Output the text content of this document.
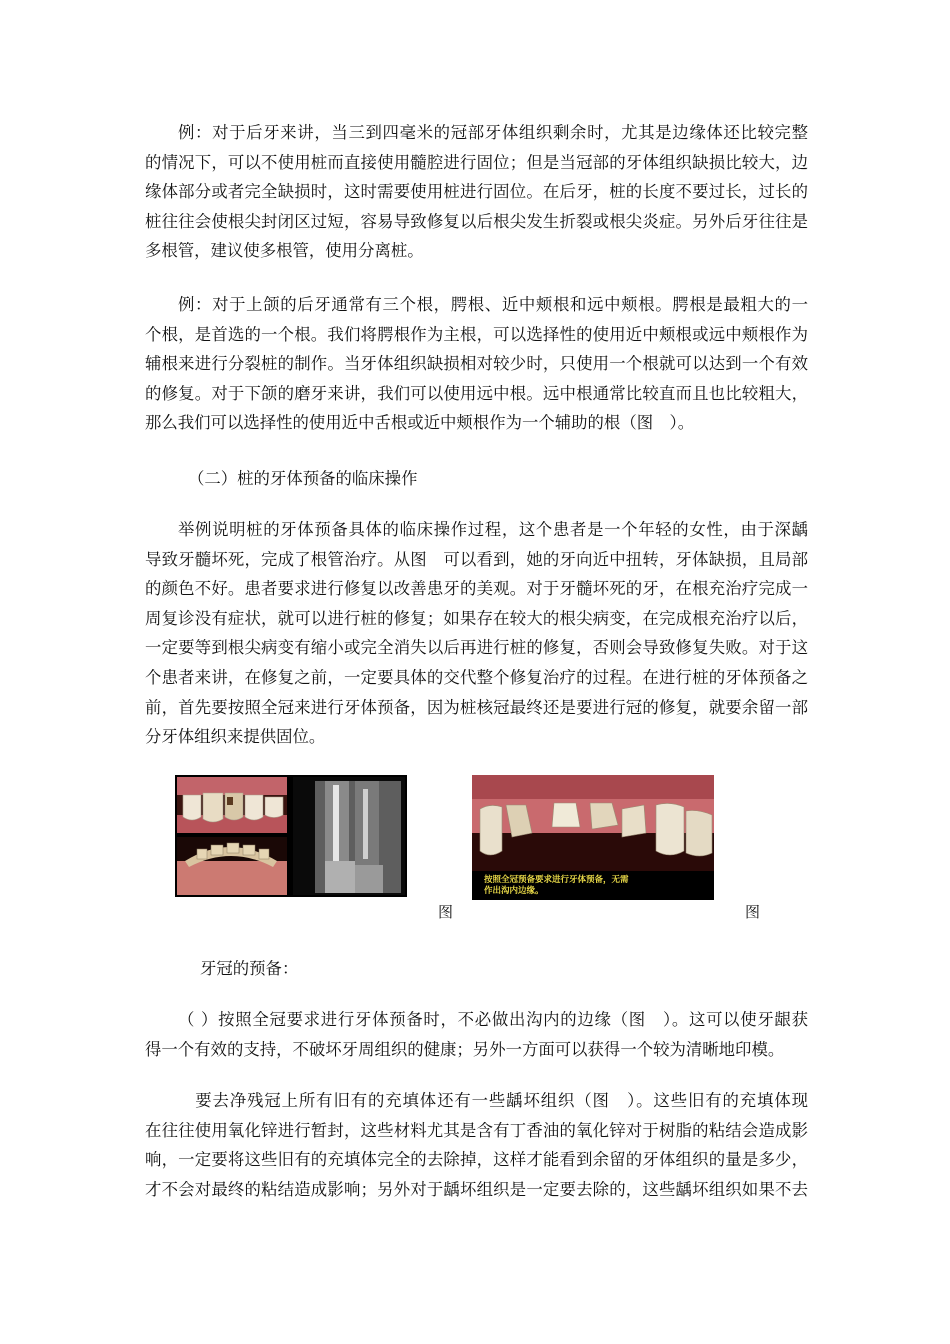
例：对于后牙来讲，当三到四毫米的冠部牙体组织剩余时，尤其是边缘体还比较完整
的情况下，可以不使用桩而直接使用髓腔进行固位；但是当冠部的牙体组织缺损比较大，边
缘体部分或者完全缺损时，这时需要使用桩进行固位。在后牙，桩的长度不要过长，过长的
桩往往会使根尖封闭区过短，容易导致修复以后根尖发生折裂或根尖炎症。另外后牙往往是
多根管，建议使多根管，使用分离桩。
例：对于上颌的后牙通常有三个根，腭根、近中颊根和远中颊根。腭根是最粗大的一
个根，是首选的一个根。我们将腭根作为主根，可以选择性的使用近中颊根或远中颊根作为
辅根来进行分裂桩的制作。当牙体组织缺损相对较少时，只使用一个根就可以达到一个有效
的修复。对于下颌的磨牙来讲，我们可以使用远中根。远中根通常比较直而且也比较粗大，
那么我们可以选择性的使用近中舌根或近中颊根作为一个辅助的根（图　）。

（二）桩的牙体预备的临床操作

举例说明桩的牙体预备具体的临床操作过程，这个患者是一个年轻的女性，由于深龋
导致牙髓坏死，完成了根管治疗。从图　可以看到，她的牙向近中扭转，牙体缺损，且局部
的颜色不好。患者要求进行修复以改善患牙的美观。对于牙髓坏死的牙，在根充治疗完成一
周复诊没有症状，就可以进行桩的修复；如果存在较大的根尖病变，在完成根充治疗以后，
一定要等到根尖病变有缩小或完全消失以后再进行桩的修复，否则会导致修复失败。对于这
个患者来讲，在修复之前，一定要具体的交代整个修复治疗的过程。在进行桩的牙体预备之
前，首先要按照全冠来进行牙体预备，因为桩核冠最终还是要进行冠的修复，就要余留一部
分牙体组织来提供固位。
图
按照全冠预备要求进行牙体预备，无需
作出沟内边缘。
图

牙冠的预备：

（ ）按照全冠要求进行牙体预备时，不必做出沟内的边缘（图　）。这可以使牙龈获
得一个有效的支持，不破坏牙周组织的健康；另外一方面可以获得一个较为清晰地印模。
　要去净残冠上所有旧有的充填体还有一些龋坏组织（图　）。这些旧有的充填体现
在往往使用氧化锌进行暂封，这些材料尤其是含有丁香油的氧化锌对于树脂的粘结会造成影
响，一定要将这些旧有的充填体完全的去除掉，这样才能看到余留的牙体组织的量是多少，
才不会对最终的粘结造成影响；另外对于龋坏组织是一定要去除的，这些龋坏组织如果不去
